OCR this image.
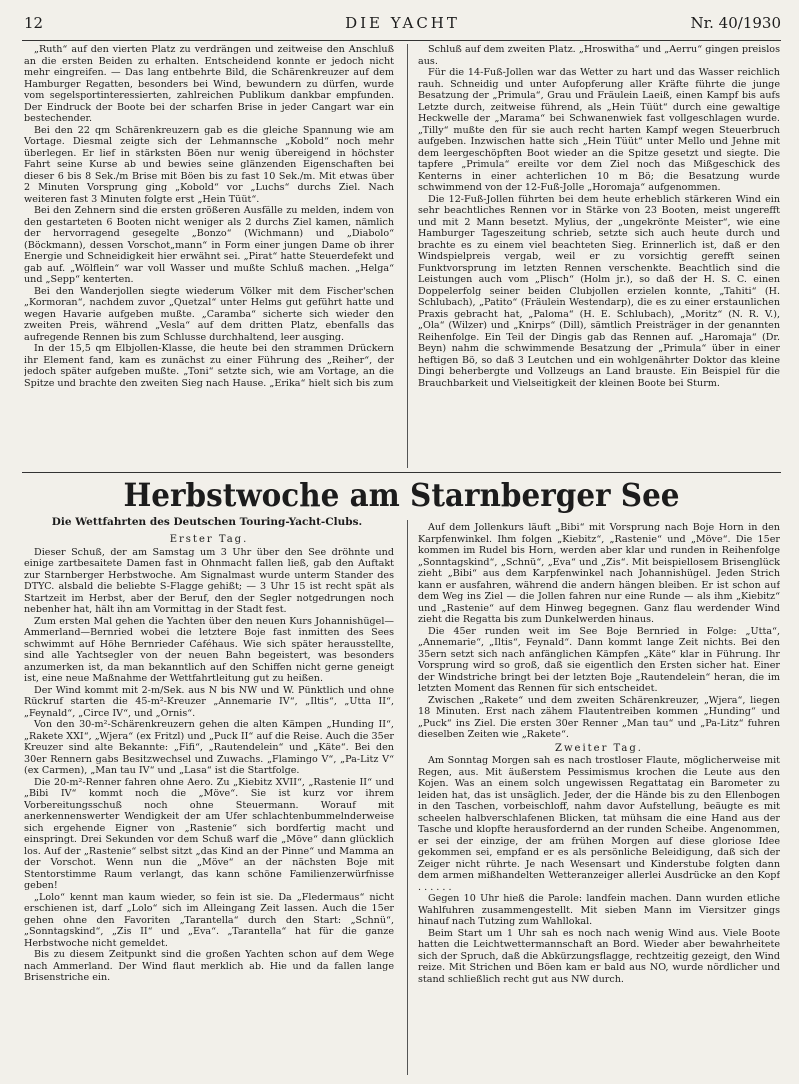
12	DIE YACHT	Nr. 40/1930

„Ruth“ auf den vierten Platz zu verdrängen und zeitweise den Anschluß an die ersten Beiden zu erhalten. Entscheidend konnte er jedoch nicht mehr eingreifen. — Das lang entbehrte Bild, die Schärenkreuzer auf dem Hamburger Regatten, besonders bei Wind, bewundern zu dürfen, wurde vom segelsportinteressierten, zahlreichen Publikum dankbar empfunden. Der Eindruck der Boote bei der scharfen Brise in jeder Cangart war ein bestechender.

Bei den 22 qm Schärenkreuzern gab es die gleiche Spannung wie am Vortage. Diesmal zeigte sich der Lehmannsche „Kobold“ noch mehr überlegen. Er lief in stärksten Böen nur wenig übereigend in höchster Fahrt seine Kurse ab und bewies seine glänzenden Eigenschaften bei dieser 6 bis 8 Sek./m Brise mit Böen bis zu fast 10 Sek./m. Mit etwas über 2 Minuten Vorsprung ging „Kobold“ vor „Luchs“ durchs Ziel. Nach weiteren fast 3 Minuten folgte erst „Hein Tüüt“.

Bei den Zehnern sind die ersten größeren Ausfälle zu melden, indem von den gestarteten 6 Booten nicht weniger als 2 durchs Ziel kamen, nämlich der hervorragend gesegelte „Bonzo“ (Wichmann) und „Diabolo“ (Böckmann), dessen Vorschot„mann“ in Form einer jungen Dame ob ihrer Energie und Schneidigkeit hier erwähnt sei. „Pirat“ hatte Steuerdefekt und gab auf. „Wölflein“ war voll Wasser und mußte Schluß machen. „Helga“ und „Sepp“ kenterten.

Bei den Wanderjollen siegte wiederum Völker mit dem Fischer'schen „Kormoran“, nachdem zuvor „Quetzal“ unter Helms gut geführt hatte und wegen Havarie aufgeben mußte. „Caramba“ sicherte sich wieder den zweiten Preis, während „Vesla“ auf dem dritten Platz, ebenfalls das aufregende Rennen bis zum Schlusse durchhaltend, leer ausging.

In der 15,5 qm Elbjollen-Klasse, die heute bei den strammen Drückern ihr Element fand, kam es zunächst zu einer Führung des „Reiher“, der jedoch später aufgeben mußte. „Toni“ setzte sich, wie am Vortage, an die Spitze und brachte den zweiten Sieg nach Hause. „Erika“ hielt sich bis zum

Schluß auf dem zweiten Platz. „Hroswitha“ und „Aerru“ gingen preislos aus.

Für die 14-Fuß-Jollen war das Wetter zu hart und das Wasser reichlich rauh. Schneidig und unter Aufopferung aller Kräfte führte die junge Besatzung der „Primula“, Grau und Fräulein Laeiß, einen Kampf bis aufs Letzte durch, zeitweise führend, als „Hein Tüüt“ durch eine gewaltige Heckwelle der „Marama“ bei Schwanenwiek fast vollgeschlagen wurde. „Tilly“ mußte den für sie auch recht harten Kampf wegen Steuerbruch aufgeben. Inzwischen hatte sich „Hein Tüüt“ unter Mello und Jehne mit dem leergeschöpften Boot wieder an die Spitze gesetzt und siegte. Die tapfere „Primula“ ereilte vor dem Ziel noch das Mißgeschick des Kenterns in einer achterlichen 10 m Bö; die Besatzung wurde schwimmend von der 12-Fuß-Jolle „Horomaja“ aufgenommen.

Die 12-Fuß-Jollen führten bei dem heute erheblich stärkeren Wind ein sehr beachtliches Rennen vor in Stärke von 23 Booten, meist ungerefft und mit 2 Mann besetzt. Mylius, der „ungekrönte Meister“, wie eine Hamburger Tageszeitung schrieb, setzte sich auch heute durch und brachte es zu einem viel beachteten Sieg. Erinnerlich ist, daß er den Windspielpreis vergab, weil er zu vorsichtig gerefft seinen Funktvorsprung im letzten Rennen verschenkte. Beachtlich sind die Leistungen auch vom „Plisch“ (Holm jr.), so daß der H. S. C. einen Doppelerfolg seiner beiden Clubjollen erzielen konnte, „Tahiti“ (H. Schlubach), „Patito“ (Fräulein Westendarp), die es zu einer erstaunlichen Praxis gebracht hat, „Paloma“ (H. E. Schlubach), „Moritz“ (N. R. V.), „Ola“ (Wilzer) und „Knirps“ (Dill), sämtlich Preisträger in der genannten Reihenfolge. Ein Teil der Dingis gab das Rennen auf. „Haromaja“ (Dr. Beyn) nahm die schwimmende Besatzung der „Primula“ über in einer heftigen Bö, so daß 3 Leutchen und ein wohlgenährter Doktor das kleine Dingi beherbergte und Vollzeugs an Land brauste. Ein Beispiel für die Brauchbarkeit und Vielseitigkeit der kleinen Boote bei Sturm.

Herbstwoche am Starnberger See
Die Wettfahrten des Deutschen Touring-Yacht-Clubs.

Erster Tag.

Dieser Schuß, der am Samstag um 3 Uhr über den See dröhnte und einige zartbesaitete Damen fast in Ohnmacht fallen ließ, gab den Auftakt zur Starnberger Herbstwoche. Am Signalmast wurde unterm Stander des DTYC. alsbald die beliebte S-Flagge gehißt; — 3 Uhr 15 ist recht spät als Startzeit im Herbst, aber der Beruf, den der Segler notgedrungen noch nebenher hat, hält ihn am Vormittag in der Stadt fest.

Zum ersten Mal gehen die Yachten über den neuen Kurs Johannishügel—Ammerland—Bernried wobei die letztere Boje fast inmitten des Sees schwimmt auf Höhe Bernrieder Caféhaus. Wie sich später herausstellte, sind alle Yachtsegler von der neuen Bahn begeistert, was besonders anzumerken ist, da man bekanntlich auf den Schiffen nicht gerne geneigt ist, eine neue Maßnahme der Wettfahrtleitung gut zu heißen.

Der Wind kommt mit 2-m/Sek. aus N bis NW und W. Pünktlich und ohne Rückruf starten die 45-m²-Kreuzer „Annemarie IV“, „Iltis“, „Utta II“, „Feynald“, „Circe IV“, und „Ornis“.

Von den 30-m²-Schärenkreuzern gehen die alten Kämpen „Hunding II“, „Rakete XXI“, „Wjera“ (ex Fritzl) und „Puck II“ auf die Reise. Auch die 35er Kreuzer sind alte Bekannte: „Fifi“, „Rautendelein“ und „Käte“. Bei den 30er Rennern gabs Besitzwechsel und Zuwachs. „Flamingo V“, „Pa-Litz V“ (ex Carmen), „Man tau IV“ und „Lasa“ ist die Startfolge.

Die 20-m²-Renner fahren ohne Aero. Zu „Kiebitz XVII“, „Rastenie II“ und „Bibi IV“ kommt noch die „Möve“. Sie ist kurz vor ihrem Vorbereitungsschuß noch ohne Steuermann. Worauf mit anerkennenswerter Wendigkeit der am Ufer schlachtenbummelnderweise sich ergehende Eigner von „Rastenie“ sich bordfertig macht und einspringt. Drei Sekunden vor dem Schuß warf die „Möve“ dann glücklich los. Auf der „Rastenie“ selbst sitzt „das Kind an der Pinne“ und Mamma an der Vorschot. Wenn nun die „Möve“ an der nächsten Boje mit Stentorstimme Raum verlangt, das kann schöne Familienzerwürfnisse geben!

„Lolo“ kennt man kaum wieder, so fein ist sie. Da „Fledermaus“ nicht erschienen ist, darf „Lolo“ sich im Alleingang Zeit lassen. Auch die 15er gehen ohne den Favoriten „Tarantella“ durch den Start: „Schnü“, „Sonntagskind“, „Zis II“ und „Eva“. „Tarantella“ hat für die ganze Herbstwoche nicht gemeldet.

Bis zu diesem Zeitpunkt sind die großen Yachten schon auf dem Wege nach Ammerland. Der Wind flaut merklich ab. Hie und da fallen lange Brisenstriche ein.

Auf dem Jollenkurs läuft „Bibi“ mit Vorsprung nach Boje Horn in den Karpfenwinkel. Ihm folgen „Kiebitz“, „Rastenie“ und „Möve“. Die 15er kommen im Rudel bis Horn, werden aber klar und runden in Reihenfolge „Sonntagskind“, „Schnü“, „Eva“ und „Zis“. Mit beispiellosem Brisenglück zieht „Bibi“ aus dem Karpfenwinkel nach Johannishügel. Jeden Strich kann er ausfahren, während die andern hängen bleiben. Er ist schon auf dem Weg ins Ziel — die Jollen fahren nur eine Runde — als ihm „Kiebitz“ und „Rastenie“ auf dem Hinweg begegnen. Ganz flau werdender Wind zieht die Regatta bis zum Dunkelwerden hinaus.

Die 45er runden weit im See Boje Bernried in Folge: „Utta“, „Annemarie“, „Iltis“, Feynald“. Dann kommt lange Zeit nichts. Bei den 35ern setzt sich nach anfänglichen Kämpfen „Käte“ klar in Führung. Ihr Vorsprung wird so groß, daß sie eigentlich den Ersten sicher hat. Einer der Windstriche bringt bei der letzten Boje „Rautendelein“ heran, die im letzten Moment das Rennen für sich entscheidet.

Zwischen „Rakete“ und dem zweiten Schärenkreuzer, „Wjera“, liegen 18 Minuten. Erst nach zähem Flautentreiben kommen „Hunding“ und „Puck“ ins Ziel. Die ersten 30er Renner „Man tau“ und „Pa-Litz“ fuhren dieselben Zeiten wie „Rakete“.

Zweiter Tag.

Am Sonntag Morgen sah es nach trostloser Flaute, möglicherweise mit Regen, aus. Mit äußerstem Pessimismus krochen die Leute aus den Kojen. Was an einem solch ungewissen Regattatag ein Barometer zu leiden hat, das ist unsäglich. Jeder, der die Hände bis zu den Ellenbogen in den Taschen, vorbeischloff, nahm davor Aufstellung, beäugte es mit scheelen halbverschlafenen Blicken, tat mühsam die eine Hand aus der Tasche und klopfte herausfordernd an der runden Scheibe. Angenommen, er sei der einzige, der am frühen Morgen auf diese gloriose Idee gekommen sei, empfand er es als persönliche Beleidigung, daß sich der Zeiger nicht rührte. Je nach Wesensart und Kinderstube folgten dann dem armen mißhandelten Wetteranzeiger allerlei Ausdrücke an den Kopf . . . . . .

Gegen 10 Uhr hieß die Parole: landfein machen. Dann wurden etliche Wahlfuhren zusammengestellt. Mit sieben Mann im Viersitzer gings hinauf nach Tutzing zum Wahllokal.

Beim Start um 1 Uhr sah es noch nach wenig Wind aus. Viele Boote hatten die Leichtwettermannschaft an Bord. Wieder aber bewahrheitete sich der Spruch, daß die Abkürzungsflagge, rechtzeitig gezeigt, den Wind reize. Mit Strichen und Böen kam er bald aus NO, wurde nördlicher und stand schließlich recht gut aus NW durch.
